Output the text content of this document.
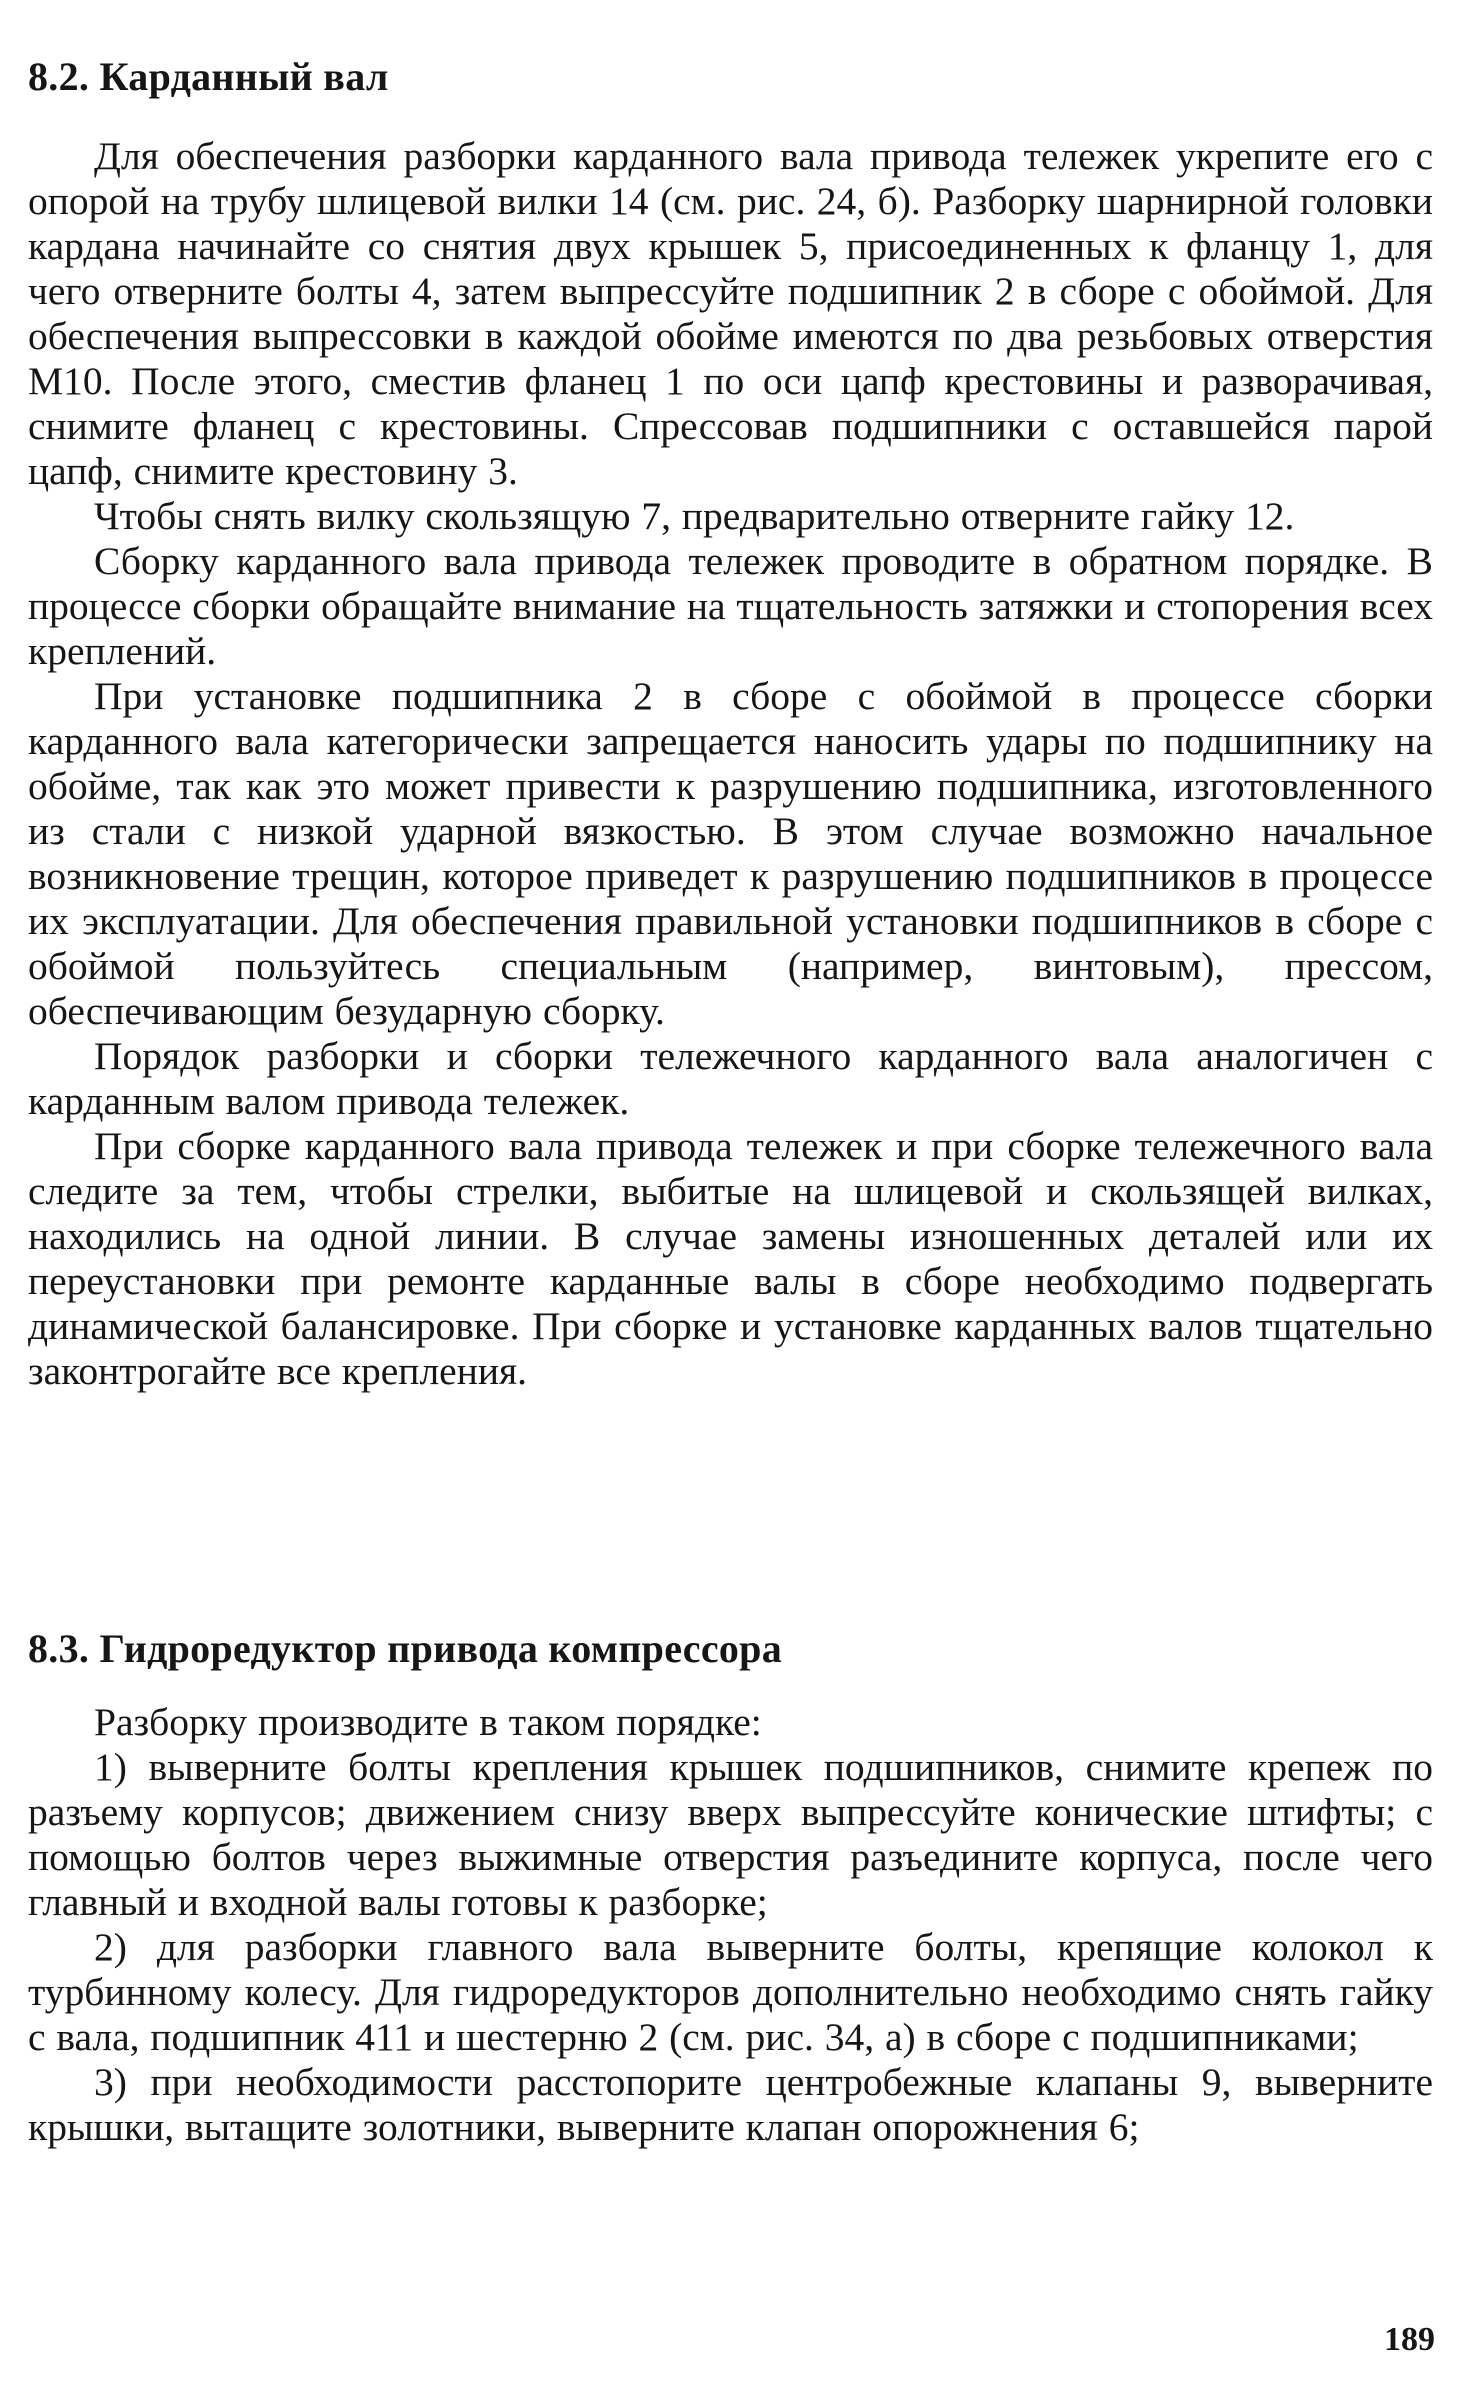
8.2. Карданный вал

Для обеспечения разборки карданного вала привода тележек укрепите его с опорой на трубу шлицевой вилки 14 (см. рис. 24, б). Разборку шарнирной головки кардана начинайте со снятия двух крышек 5, присоединенных к фланцу 1, для чего отверните болты 4, затем выпрессуйте подшипник 2 в сборе с обоймой. Для обеспечения выпрессовки в каждой обойме имеются по два резьбовых отверстия М10. После этого, сместив фланец 1 по оси цапф крестовины и разворачивая, снимите фланец с крестовины. Спрессовав подшипники с оставшейся парой цапф, снимите крестовину 3.

Чтобы снять вилку скользящую 7, предварительно отверните гайку 12.

Сборку карданного вала привода тележек проводите в обратном порядке. В процессе сборки обращайте внимание на тщательность затяжки и стопорения всех креплений.

При установке подшипника 2 в сборе с обоймой в процессе сборки карданного вала категорически запрещается наносить удары по подшипнику на обойме, так как это может привести к разрушению подшипника, изготовленного из стали с низкой ударной вязкостью. В этом случае возможно начальное возникновение трещин, которое приведет к разрушению подшипников в процессе их эксплуатации. Для обеспечения правильной установки подшипников в сборе с обоймой пользуйтесь специальным (например, винтовым), прессом, обеспечивающим безударную сборку.

Порядок разборки и сборки тележечного карданного вала аналогичен с карданным валом привода тележек.

При сборке карданного вала привода тележек и при сборке тележечного вала следите за тем, чтобы стрелки, выбитые на шлицевой и скользящей вилках, находились на одной линии. В случае замены изношенных деталей или их переустановки при ремонте карданные валы в сборе необходимо подвергать динамической балансировке. При сборке и установке карданных валов тщательно законтрогайте все крепления.

8.3. Гидроредуктор привода компрессора

Разборку производите в таком порядке:

1) выверните болты крепления крышек подшипников, снимите крепеж по разъему корпусов; движением снизу вверх выпрессуйте конические штифты; с помощью болтов через выжимные отверстия разъедините корпуса, после чего главный и входной валы готовы к разборке;

2) для разборки главного вала выверните болты, крепящие колокол к турбинному колесу. Для гидроредукторов дополнительно необходимо снять гайку с вала, подшипник 411 и шестерню 2 (см. рис. 34, а) в сборе с подшипниками;

3) при необходимости расстопорите центробежные клапаны 9, выверните крышки, вытащите золотники, выверните клапан опорожнения 6;

189
